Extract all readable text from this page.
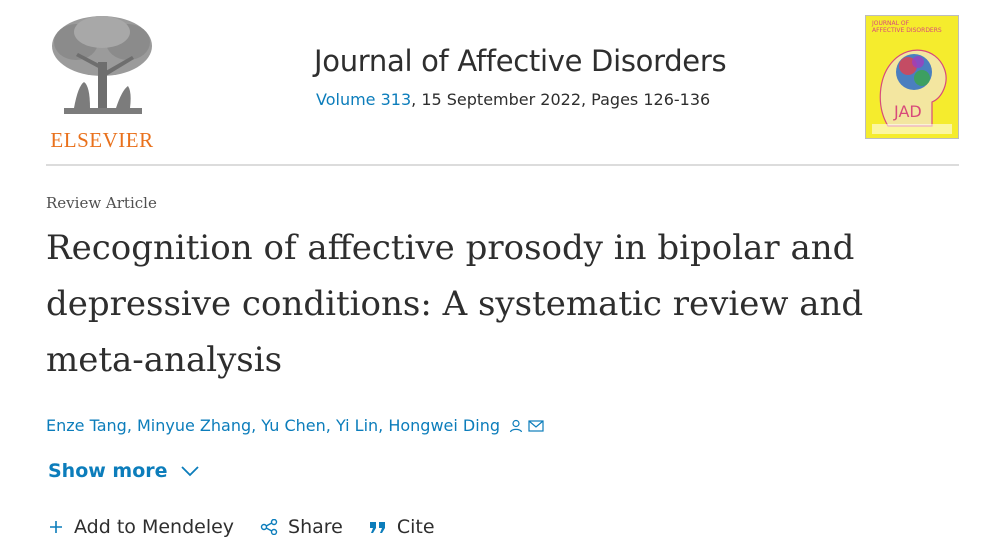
ELSEVIER
Journal of Affective Disorders
Volume 313, 15 September 2022, Pages 126-136
JOURNAL OF
AFFECTIVE DISORDERS
JAD
Review Article
Recognition of affective prosody in bipolar and depressive conditions: A systematic review and meta-analysis
Enze Tang, Minyue Zhang, Yu Chen, Yi Lin, Hongwei Ding
Show more
Add to Mendeley	Share	Cite
